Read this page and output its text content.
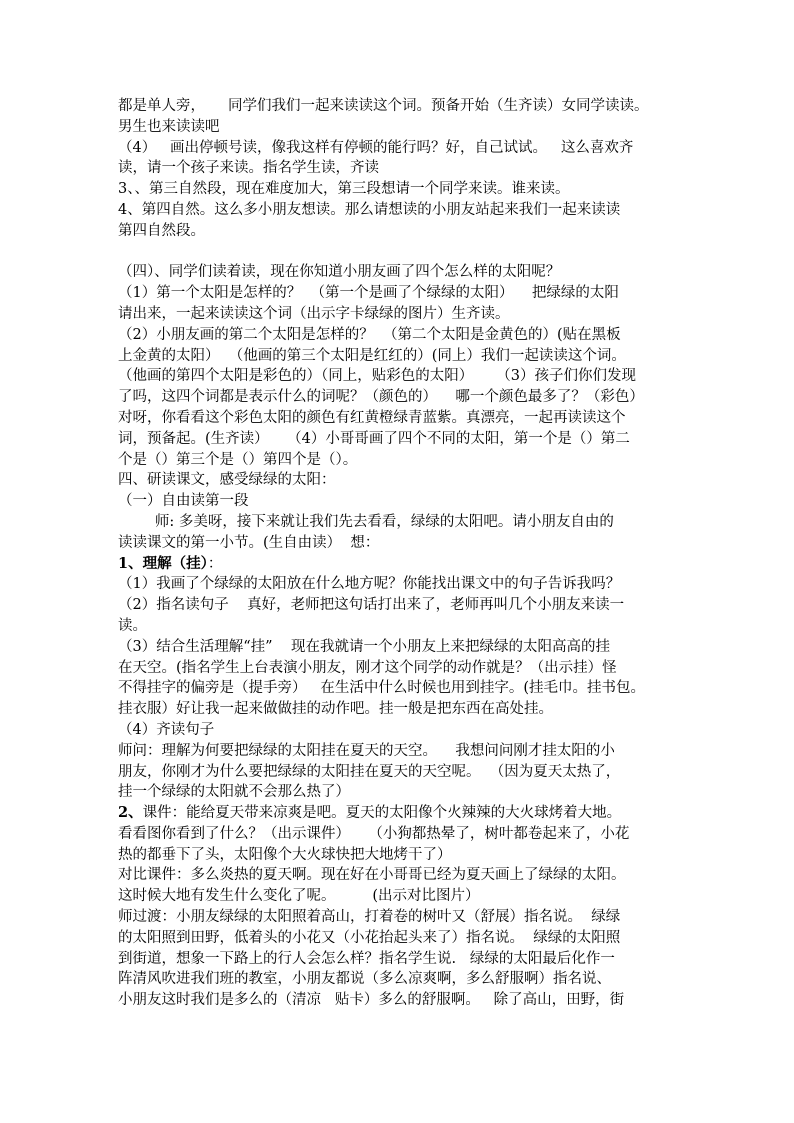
都是单人旁，     同学们我们一起来读读这个词。预备开始（生齐读）女同学读读。
男生也来读读吧
（4）   画出停顿号读，像我这样有停顿的能行吗？好，自己试试。   这么喜欢齐
读，请一个孩子来读。指名学生读，齐读
3、、第三自然段，现在难度加大，第三段想请一个同学来读。谁来读。
4、第四自然。这么多小朋友想读。那么请想读的小朋友站起来我们一起来读读
第四自然段。
（四）、同学们读着读，现在你知道小朋友画了四个怎么样的太阳呢？
（1）第一个太阳是怎样的？  （第一个是画了个绿绿的太阳）    把绿绿的太阳
请出来，一起来读读这个词（出示字卡绿绿的图片）生齐读。
（2）小朋友画的第二个太阳是怎样的？  （第二个太阳是金黄色的）(贴在黑板
上金黄的太阳）  （他画的第三个太阳是红红的）(同上）我们一起读读这个词。
（他画的第四个太阳是彩色的）（同上，贴彩色的太阳）     （3）孩子们你们发现
了吗，这四个词都是表示什么的词呢？（颜色的）    哪一个颜色最多了？（彩色）
对呀，你看看这个彩色太阳的颜色有红黄橙绿青蓝紫。真漂亮，一起再读读这个
词，预备起。(生齐读）    （4）小哥哥画了四个不同的太阳，第一个是（）第二
个是（）第三个是（）第四个是（）。
四、研读课文，感受绿绿的太阳：
（一）自由读第一段
师: 多美呀，接下来就让我们先去看看，绿绿的太阳吧。请小朋友自由的
读读课文的第一小节。(生自由读）  想：
1、理解（挂）：
（1）我画了个绿绿的太阳放在什么地方呢？你能找出课文中的句子告诉我吗？
（2）指名读句子    真好，老师把这句话打出来了，老师再叫几个小朋友来读一
读。
（3）结合生活理解“挂”    现在我就请一个小朋友上来把绿绿的太阳高高的挂
在天空。(指名学生上台表演小朋友，刚才这个同学的动作就是？（出示挂）怪
不得挂字的偏旁是（提手旁）   在生活中什么时候也用到挂字。(挂毛巾。挂书包。
挂衣服）好让我一起来做做挂的动作吧。挂一般是把东西在高处挂。
（4）齐读句子
师问：理解为何要把绿绿的太阳挂在夏天的天空。    我想问问刚才挂太阳的小
朋友，你刚才为什么要把绿绿的太阳挂在夏天的天空呢。  （因为夏天太热了，
挂一个绿绿的太阳就不会那么热了）
2、课件：能给夏天带来凉爽是吧。夏天的太阳像个火辣辣的大火球烤着大地。
看看图你看到了什么？（出示课件）    （小狗都热晕了，树叶都卷起来了，小花
热的都垂下了头，太阳像个大火球快把大地烤干了）
对比课件：多么炎热的夏天啊。现在好在小哥哥已经为夏天画上了绿绿的太阳。
这时候大地有发生什么变化了呢。        (出示对比图片）
师过渡：小朋友绿绿的太阳照着高山，打着卷的树叶又（舒展）指名说。  绿绿
的太阳照到田野，低着头的小花又（小花抬起头来了）指名说。  绿绿的太阳照
到街道，想象一下路上的行人会怎么样？指名学生说.   绿绿的太阳最后化作一
阵清风吹进我们班的教室，小朋友都说（多么凉爽啊，多么舒服啊）指名说、
小朋友这时我们是多么的（清凉   贴卡）多么的舒服啊。   除了高山，田野，街
